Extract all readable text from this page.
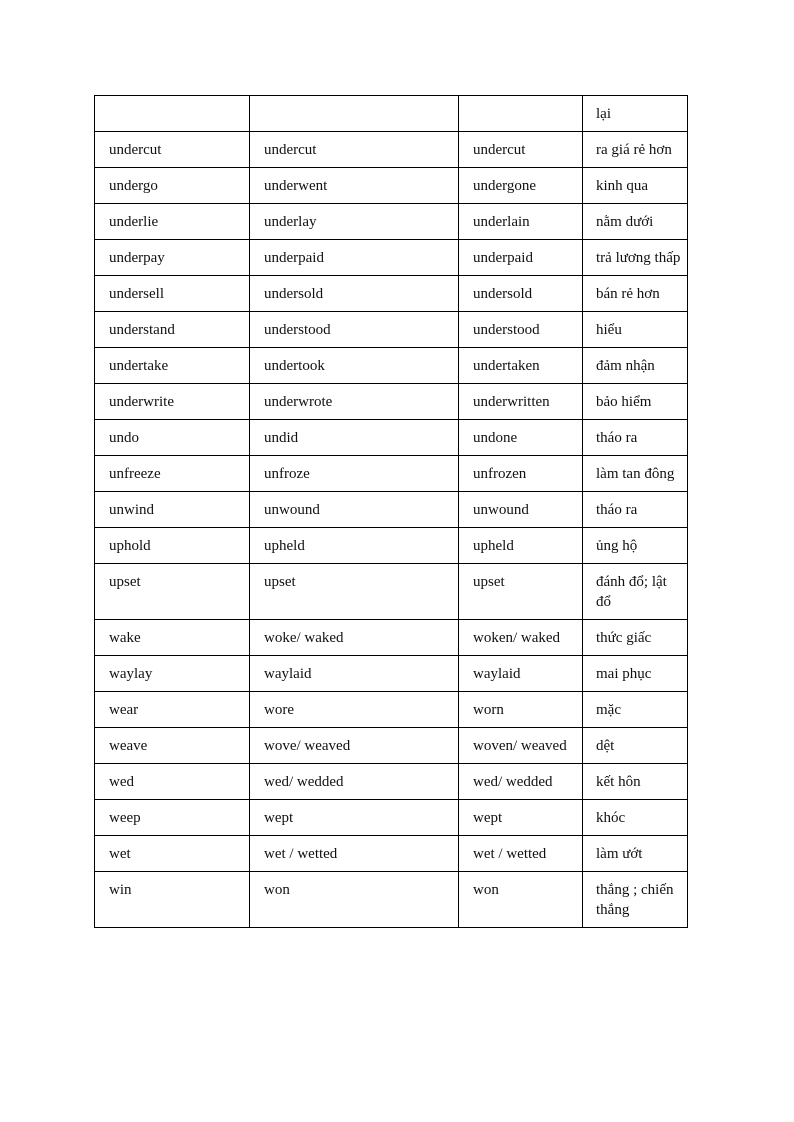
			lại
undercut	undercut	undercut	ra giá rẻ hơn
undergo	underwent	undergone	kinh qua
underlie	underlay	underlain	nằm dưới
underpay	underpaid	underpaid	trả lương thấp
undersell	undersold	undersold	bán rẻ hơn
understand	understood	understood	hiểu
undertake	undertook	undertaken	đảm nhận
underwrite	underwrote	underwritten	bảo hiểm
undo	undid	undone	tháo ra
unfreeze	unfroze	unfrozen	làm tan đông
unwind	unwound	unwound	tháo ra
uphold	upheld	upheld	ủng hộ
upset	upset	upset	đánh đổ; lật đổ
wake	woke/ waked	woken/ waked	thức giấc
waylay	waylaid	waylaid	mai phục
wear	wore	worn	mặc
weave	wove/ weaved	woven/ weaved	dệt
wed	wed/ wedded	wed/ wedded	kết hôn
weep	wept	wept	khóc
wet	wet / wetted	wet / wetted	làm ướt
win	won	won	thắng ; chiến thắng
